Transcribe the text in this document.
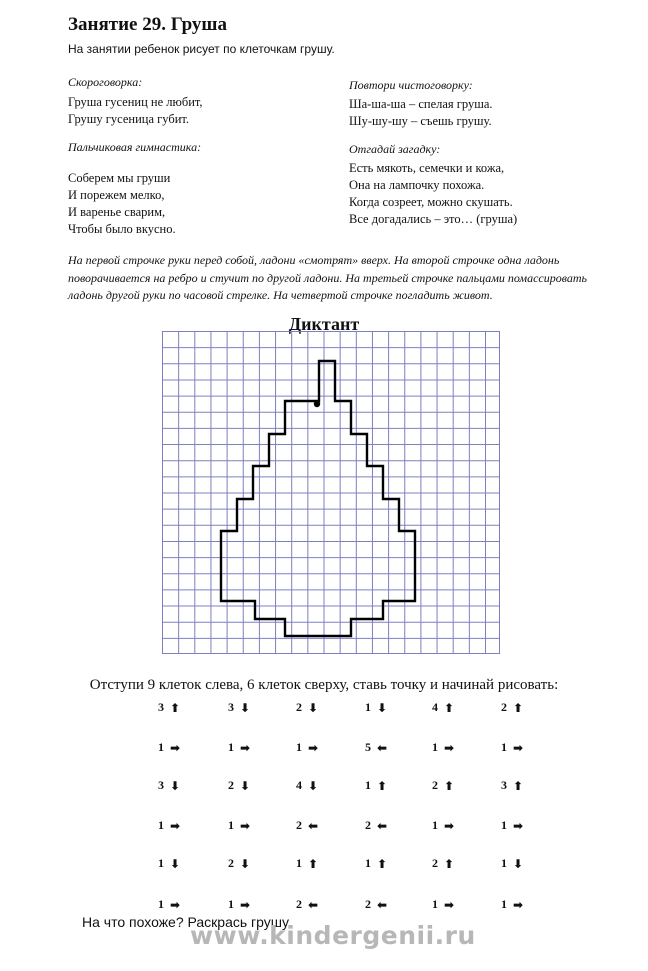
Занятие 29. Груша
На занятии ребенок рисует по клеточкам грушу.
Скороговорка:
Груша гусениц не любит,
Грушу гусеница губит.
Повтори чистоговорку:
Ша-ша-ша – спелая груша.
Шу-шу-шу – съешь грушу.
Пальчиковая гимнастика:
Соберем мы груши
И порежем мелко,
И варенье сварим,
Чтобы было вкусно.
Отгадай загадку:
Есть мякоть, семечки и кожа,
Она на лампочку похожа.
Когда созреет, можно скушать.
Все догадались – это… (груша)
На первой строчке руки перед собой, ладони «смотрят» вверх. На второй строчке одна ладонь поворачивается на ребро и стучит по другой ладони. На третьей строчке пальцами помассировать ладонь другой руки по часовой стрелке. На четвертой строчке погладить живот.
Диктант
Отступи 9 клеток слева, 6 клеток сверху, ставь точку и начинай рисовать:
3 ⬆	3 ⬇	2 ⬇	1 ⬇	4 ⬆	2 ⬆
1 ➡	1 ➡	1 ➡	5 ⬅	1 ➡	1 ➡
3 ⬇	2 ⬇	4 ⬇	1 ⬆	2 ⬆	3 ⬆
1 ➡	1 ➡	2 ⬅	2 ⬅	1 ➡	1 ➡
1 ⬇	2 ⬇	1 ⬆	1 ⬆	2 ⬆	1 ⬇
1 ➡	1 ➡	2 ⬅	2 ⬅	1 ➡	1 ➡
На что похоже? Раскрась грушу.
www.kindergenii.ru
